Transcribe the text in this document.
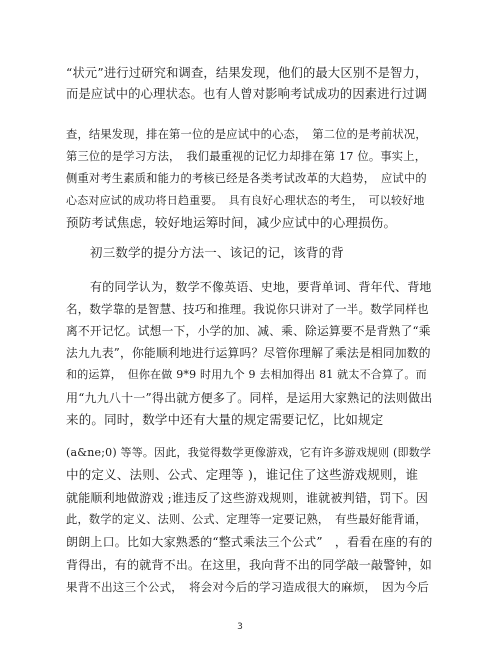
“状元”进行过研究和调查，结果发现，他们的最大区别不是智力，
而是应试中的心理状态。也有人曾对影响考试成功的因素进行过调
查，结果发现，排在第一位的是应试中的心态，　第二位的是考前状况，
第三位的是学习方法，　我们最重视的记忆力却排在第 17 位。事实上，
侧重对考生素质和能力的考核已经是各类考试改革的大趋势，　应试中的
心态对应试的成功将日趋重要。　具有良好心理状态的考生，　可以较好地
预防考试焦虑，较好地运筹时间，减少应试中的心理损伤。
初三数学的提分方法一、该记的记，该背的背
有的同学认为，数学不像英语、史地，要背单词、背年代、背地
名，数学靠的是智慧、技巧和推理。我说你只讲对了一半。数学同样也
离不开记忆。试想一下，小学的加、减、乘、除运算要不是背熟了“乘
法九九表”，你能顺利地进行运算吗？尽管你理解了乘法是相同加数的
和的运算，　但你在做 9*9 时用九个 9 去相加得出 81 就太不合算了。而
用“九九八十一”得出就方便多了。同样，是运用大家熟记的法则做出
来的。同时，数学中还有大量的规定需要记忆，比如规定
(a&ne;0) 等等。因此，我觉得数学更像游戏，它有许多游戏规则 (即数学
中的定义、法则、公式、定理等 )，谁记住了这些游戏规则，谁
就能顺利地做游戏 ;谁违反了这些游戏规则，谁就被判错，罚下。因
此，数学的定义、法则、公式、定理等一定要记熟，　有些最好能背诵，
朗朗上口。比如大家熟悉的“整式乘法三个公式”　，看看在座的有的
背得出，有的就背不出。在这里，我向背不出的同学敲一敲警钟，如
果背不出这三个公式，　将会对今后的学习造成很大的麻烦，　因为今后
3
